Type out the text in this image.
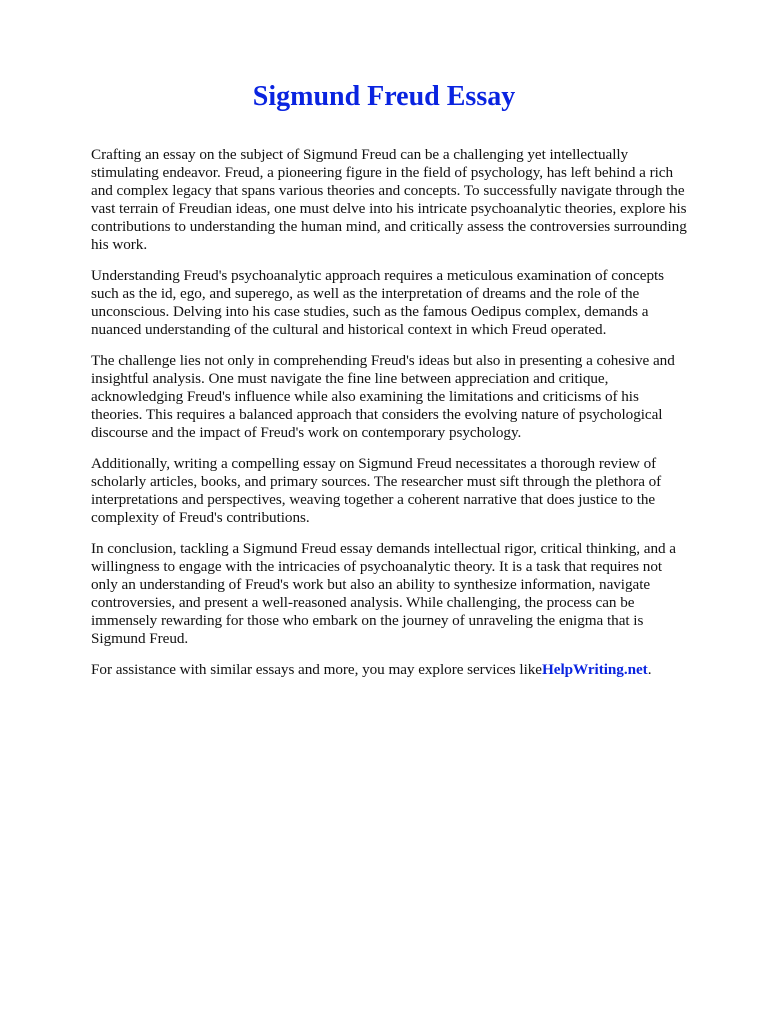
Sigmund Freud Essay

Crafting an essay on the subject of Sigmund Freud can be a challenging yet intellectually stimulating endeavor. Freud, a pioneering figure in the field of psychology, has left behind a rich and complex legacy that spans various theories and concepts. To successfully navigate through the vast terrain of Freudian ideas, one must delve into his intricate psychoanalytic theories, explore his contributions to understanding the human mind, and critically assess the controversies surrounding his work.

Understanding Freud's psychoanalytic approach requires a meticulous examination of concepts such as the id, ego, and superego, as well as the interpretation of dreams and the role of the unconscious. Delving into his case studies, such as the famous Oedipus complex, demands a nuanced understanding of the cultural and historical context in which Freud operated.

The challenge lies not only in comprehending Freud's ideas but also in presenting a cohesive and insightful analysis. One must navigate the fine line between appreciation and critique, acknowledging Freud's influence while also examining the limitations and criticisms of his theories. This requires a balanced approach that considers the evolving nature of psychological discourse and the impact of Freud's work on contemporary psychology.

Additionally, writing a compelling essay on Sigmund Freud necessitates a thorough review of scholarly articles, books, and primary sources. The researcher must sift through the plethora of interpretations and perspectives, weaving together a coherent narrative that does justice to the complexity of Freud's contributions.

In conclusion, tackling a Sigmund Freud essay demands intellectual rigor, critical thinking, and a willingness to engage with the intricacies of psychoanalytic theory. It is a task that requires not only an understanding of Freud's work but also an ability to synthesize information, navigate controversies, and present a well-reasoned analysis. While challenging, the process can be immensely rewarding for those who embark on the journey of unraveling the enigma that is Sigmund Freud.

For assistance with similar essays and more, you may explore services likeHelpWriting.net.
